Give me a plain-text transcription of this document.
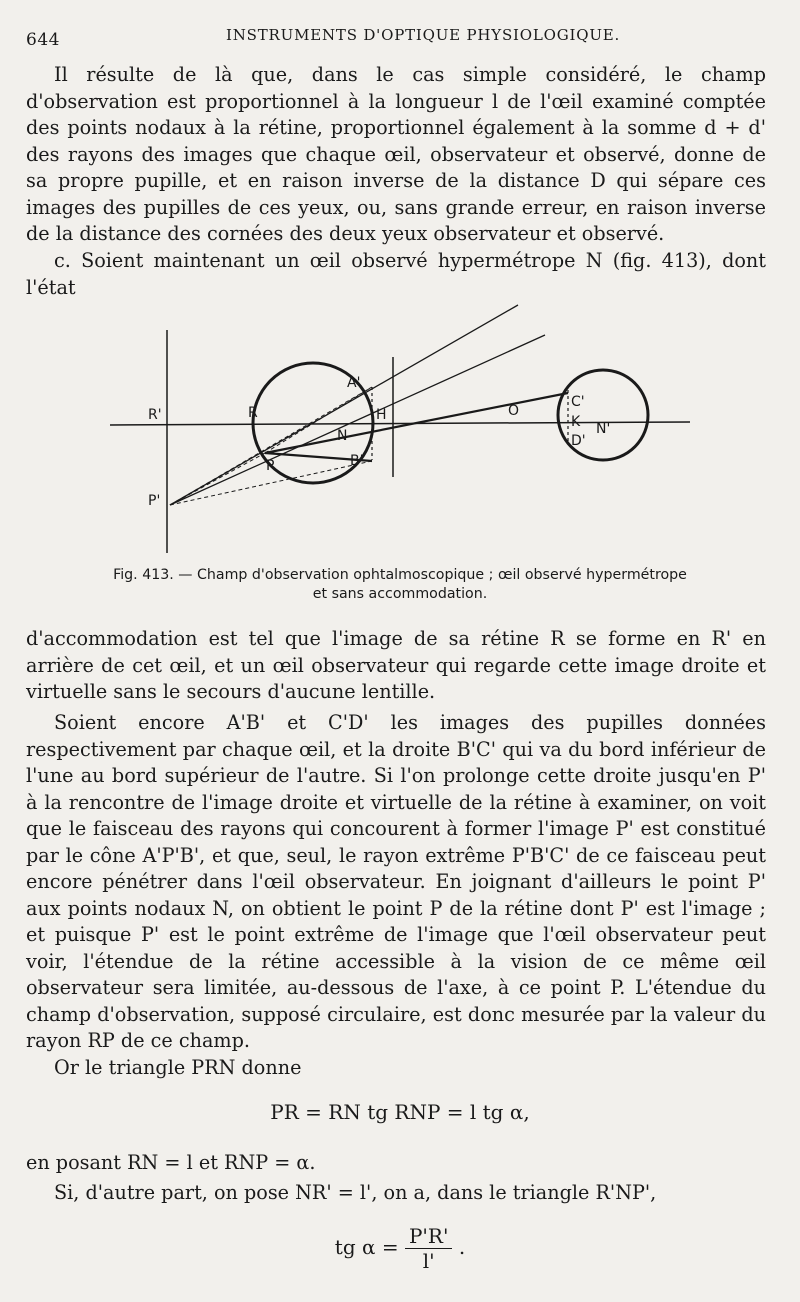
644	INSTRUMENTS D'OPTIQUE PHYSIOLOGIQUE.

Il résulte de là que, dans le cas simple considéré, le champ d'observation est proportionnel à la longueur l de l'œil examiné comptée des points nodaux à la rétine, proportionnel également à la somme d + d' des rayons des images que chaque œil, observateur et observé, donne de sa propre pupille, et en raison inverse de la distance D qui sépare ces images des pupilles de ces yeux, ou, sans grande erreur, en raison inverse de la distance des cornées des deux yeux observateur et observé.

c. Soient maintenant un œil observé hypermétrope N (fig. 413), dont l'état

R'	R
A'
H
N
P	B'
P'
O
C'
K
D'
N'
Fig. 413. — Champ d'observation ophtalmoscopique ; œil observé hypermétrope
et sans accommodation.

d'accommodation est tel que l'image de sa rétine R se forme en R' en arrière de cet œil, et un œil observateur qui regarde cette image droite et virtuelle sans le secours d'aucune lentille.

Soient encore A'B' et C'D' les images des pupilles données respectivement par chaque œil, et la droite B'C' qui va du bord inférieur de l'une au bord supérieur de l'autre. Si l'on prolonge cette droite jusqu'en P' à la rencontre de l'image droite et virtuelle de la rétine à examiner, on voit que le faisceau des rayons qui concourent à former l'image P' est constitué par le cône A'P'B', et que, seul, le rayon extrême P'B'C' de ce faisceau peut encore pénétrer dans l'œil observateur. En joignant d'ailleurs le point P' aux points nodaux N, on obtient le point P de la rétine dont P' est l'image ; et puisque P' est le point extrême de l'image que l'œil observateur peut voir, l'étendue de la rétine accessible à la vision de ce même œil observateur sera limitée, au-dessous de l'axe, à ce point P. L'étendue du champ d'observation, supposé circulaire, est donc mesurée par la valeur du rayon RP de ce champ.

Or le triangle PRN donne

PR = RN tg RNP = l tg α,

en posant RN = l et RNP = α.

Si, d'autre part, on pose NR' = l', on a, dans le triangle R'NP',

tg $\alpha = \frac{P'R'}{l'}$ .
